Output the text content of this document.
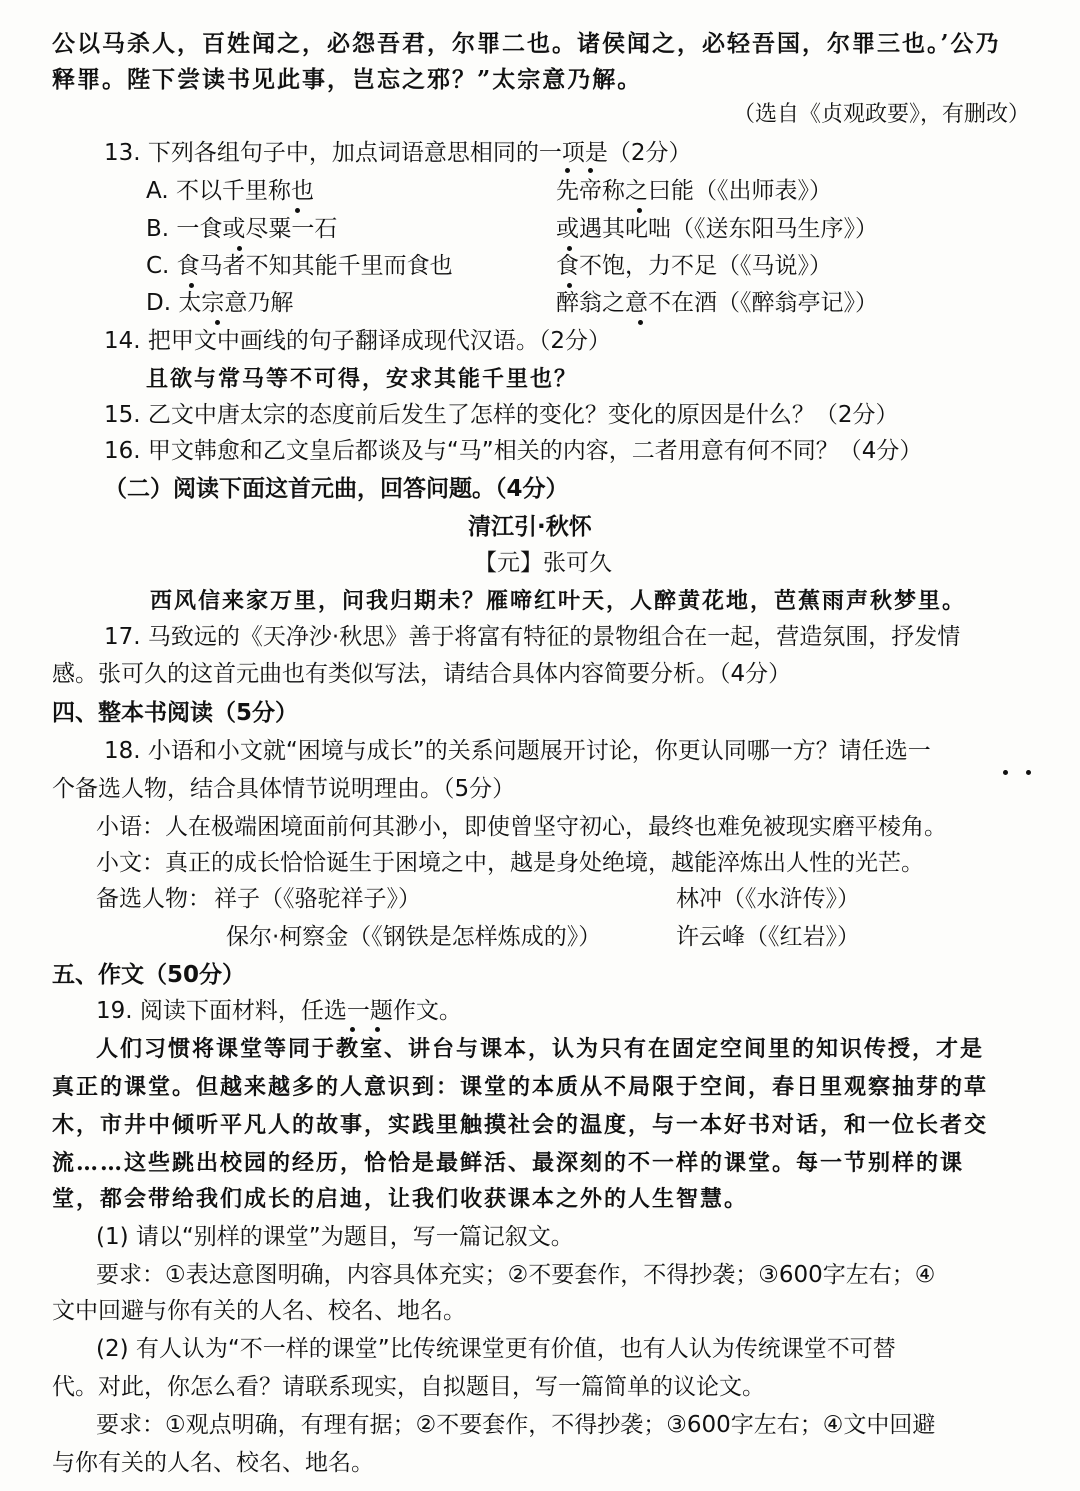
公以马杀人，百姓闻之，必怨吾君，尔罪二也。诸侯闻之，必轻吾国，尔罪三也。’公乃
释罪。陛下尝读书见此事，岂忘之邪？”太宗意乃解。
（选自《贞观政要》，有删改）
13. 下列各组句子中，加点词语意思相同的一项是（2分）
A. 不以千里称也	先帝称之曰能（《出师表》）
B. 一食或尽粟一石	或遇其叱咄（《送东阳马生序》）
C. 食马者不知其能千里而食也	食不饱，力不足（《马说》）
D. 太宗意乃解	醉翁之意不在酒（《醉翁亭记》）
14. 把甲文中画线的句子翻译成现代汉语。（2分）
且欲与常马等不可得，安求其能千里也？
15. 乙文中唐太宗的态度前后发生了怎样的变化？变化的原因是什么？（2分）
16. 甲文韩愈和乙文皇后都谈及与“马”相关的内容，二者用意有何不同？（4分）
（二）阅读下面这首元曲，回答问题。（4分）
清江引·秋怀
【元】张可久
西风信来家万里，问我归期未？雁啼红叶天，人醉黄花地，芭蕉雨声秋梦里。
17. 马致远的《天净沙·秋思》善于将富有特征的景物组合在一起，营造氛围，抒发情
感。张可久的这首元曲也有类似写法，请结合具体内容简要分析。（4分）
四、整本书阅读（5分）
18. 小语和小文就“困境与成长”的关系问题展开讨论，你更认同哪一方？请任选一
个备选人物，结合具体情节说明理由。（5分）
小语：人在极端困境面前何其渺小，即使曾坚守初心，最终也难免被现实磨平棱角。
小文：真正的成长恰恰诞生于困境之中，越是身处绝境，越能淬炼出人性的光芒。
备选人物： 祥子（《骆驼祥子》）	林冲（《水浒传》）
保尔·柯察金（《钢铁是怎样炼成的》）	许云峰（《红岩》）
五、作文（50分）
19. 阅读下面材料，任选一题作文。
人们习惯将课堂等同于教室、讲台与课本，认为只有在固定空间里的知识传授，才是
真正的课堂。但越来越多的人意识到：课堂的本质从不局限于空间，春日里观察抽芽的草
木，市井中倾听平凡人的故事，实践里触摸社会的温度，与一本好书对话，和一位长者交
流……这些跳出校园的经历，恰恰是最鲜活、最深刻的不一样的课堂。每一节别样的课
堂，都会带给我们成长的启迪，让我们收获课本之外的人生智慧。
(1) 请以“别样的课堂”为题目，写一篇记叙文。
要求：①表达意图明确，内容具体充实；②不要套作，不得抄袭；③600字左右；④
文中回避与你有关的人名、校名、地名。
(2) 有人认为“不一样的课堂”比传统课堂更有价值，也有人认为传统课堂不可替
代。对此，你怎么看？请联系现实，自拟题目，写一篇简单的议论文。
要求：①观点明确，有理有据；②不要套作，不得抄袭；③600字左右；④文中回避
与你有关的人名、校名、地名。
